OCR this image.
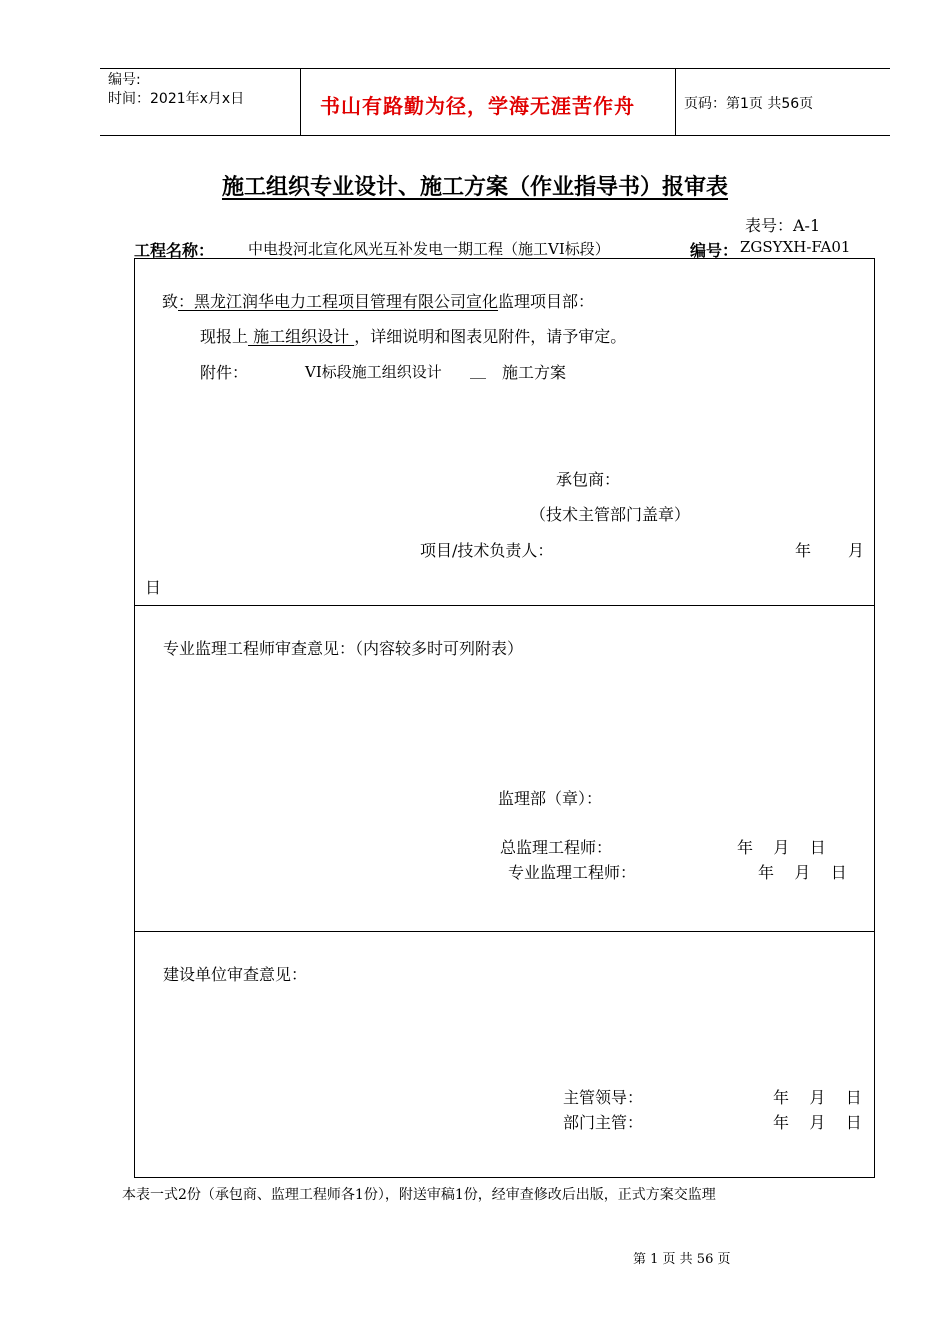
编号:
时间：2021年x月x日	书山有路勤为径，学海无涯苦作舟	页码：第1页 共56页
施工组织专业设计、施工方案（作业指导书）报审表
表号：A-1
工程名称： 中电投河北宣化风光互补发电一期工程（施工VI标段）	编号： ZGSYXH-FA01
致：黑龙江润华电力工程项目管理有限公司宣化监理项目部：
现报上 施工组织设计 ，详细说明和图表见附件，请予审定。
附件：	VI标段施工组织设计 __ 施工方案
承包商：
（技术主管部门盖章）
项目/技术负责人：	年 月
日
专业监理工程师审查意见：（内容较多时可列附表）
监理部（章）：
总监理工程师：	年    月    日
专业监理工程师：	年    月    日
建设单位审查意见：
主管领导：	年    月    日
部门主管：	年    月    日
本表一式2份（承包商、监理工程师各1份），附送审稿1份，经审查修改后出版，正式方案交监理
第 1 页 共 56 页
